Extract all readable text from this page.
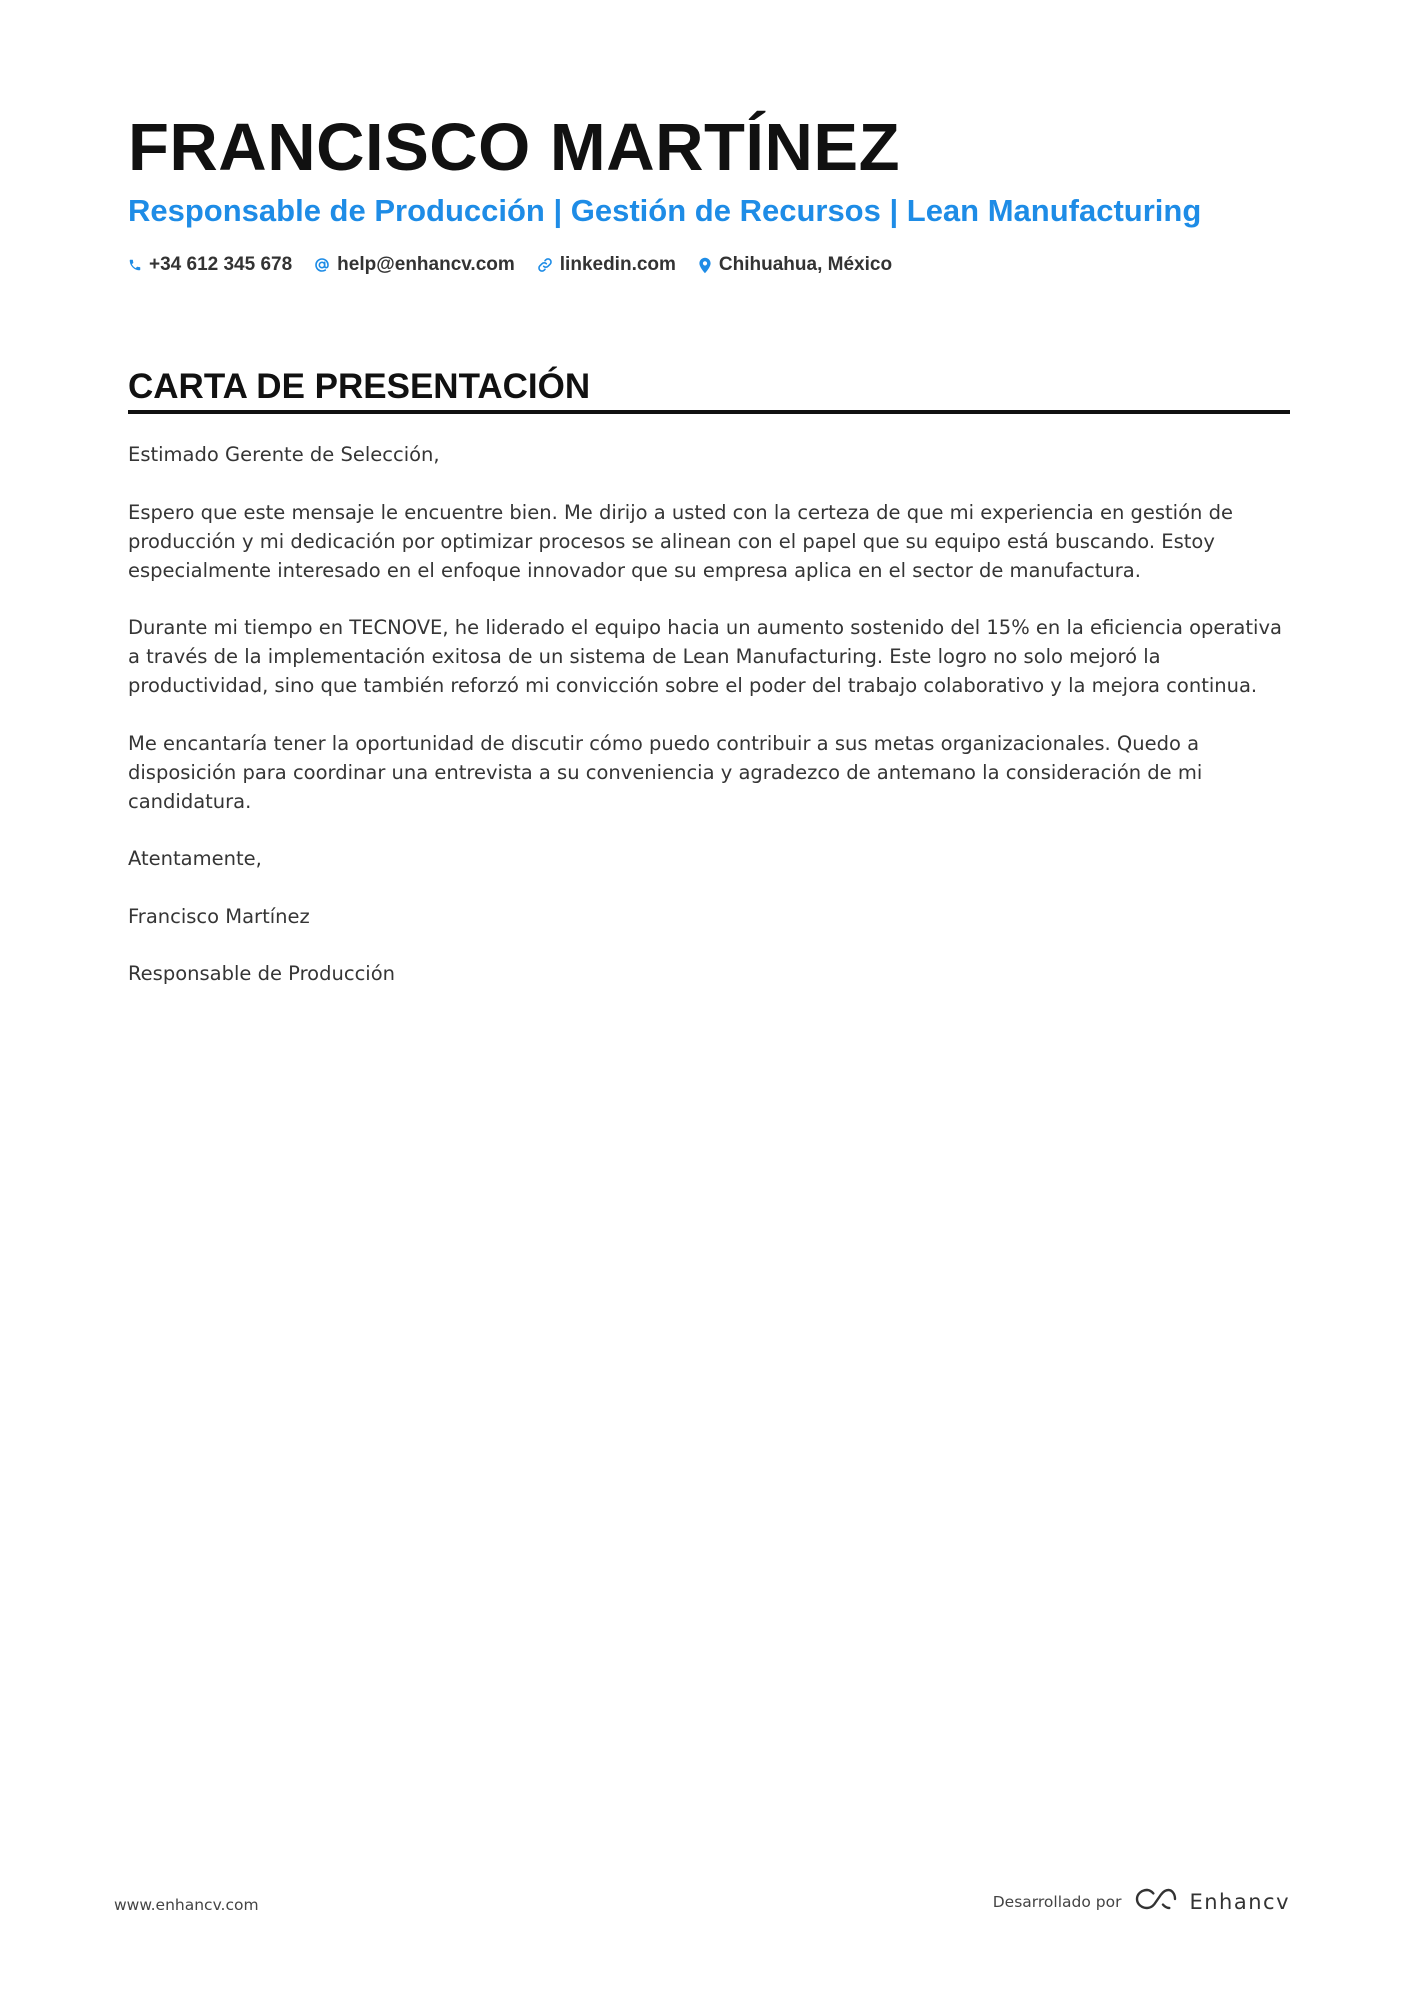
FRANCISCO MARTÍNEZ
Responsable de Producción | Gestión de Recursos | Lean Manufacturing
+34 612 345 678 help@enhancv.com linkedin.com Chihuahua, México
CARTA DE PRESENTACIÓN

Estimado Gerente de Selección,

Espero que este mensaje le encuentre bien. Me dirijo a usted con la certeza de que mi experiencia en gestión de producción y mi dedicación por optimizar procesos se alinean con el papel que su equipo está buscando. Estoy especialmente interesado en el enfoque innovador que su empresa aplica en el sector de manufactura.

Durante mi tiempo en TECNOVE, he liderado el equipo hacia un aumento sostenido del 15% en la eficiencia operativa a través de la implementación exitosa de un sistema de Lean Manufacturing. Este logro no solo mejoró la productividad, sino que también reforzó mi convicción sobre el poder del trabajo colaborativo y la mejora continua.

Me encantaría tener la oportunidad de discutir cómo puedo contribuir a sus metas organizacionales. Quedo a disposición para coordinar una entrevista a su conveniencia y agradezco de antemano la consideración de mi candidatura.

Atentamente,

Francisco Martínez

Responsable de Producción

www.enhancv.com	Desarrollado por	Enhancv
